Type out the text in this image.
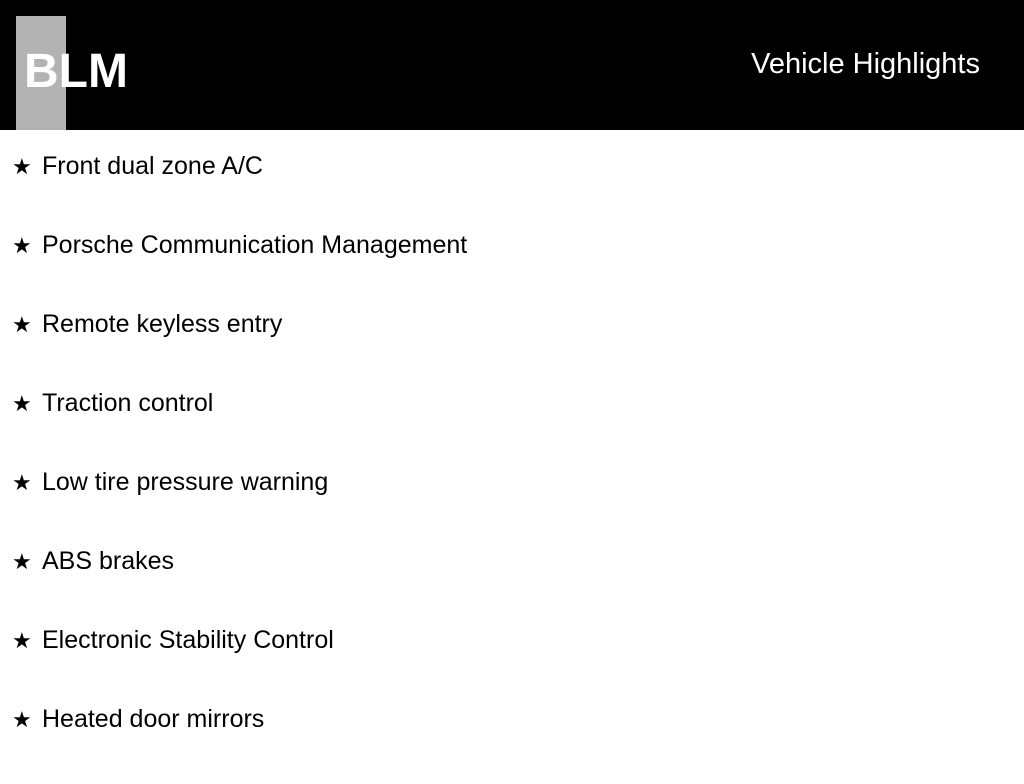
BLM	Vehicle Highlights
★ Front dual zone A/C
★ Porsche Communication Management
★ Remote keyless entry
★ Traction control
★ Low tire pressure warning
★ ABS brakes
★ Electronic Stability Control
★ Heated door mirrors
